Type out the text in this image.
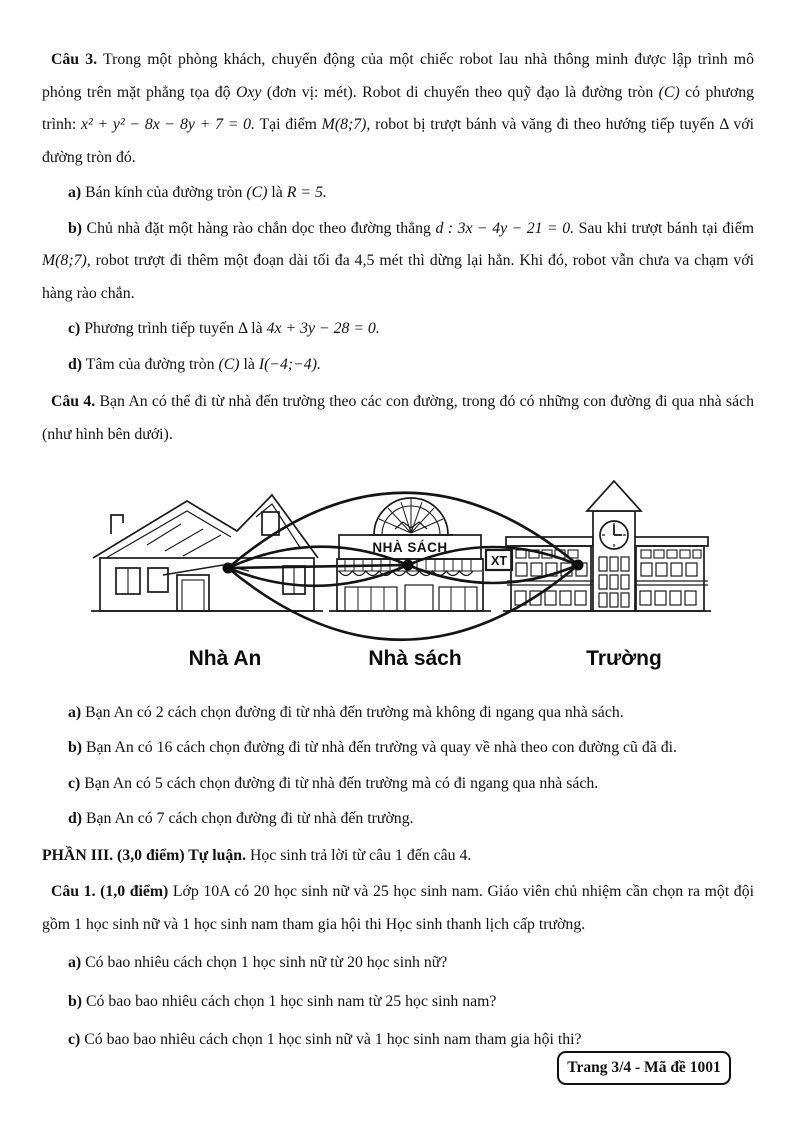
Câu 3. Trong một phòng khách, chuyển động của một chiếc robot lau nhà thông minh được lập trình mô phỏng trên mặt phẳng tọa độ Oxy (đơn vị: mét). Robot di chuyển theo quỹ đạo là đường tròn (C) có phương trình: x² + y² − 8x − 8y + 7 = 0. Tại điểm M(8;7), robot bị trượt bánh và văng đi theo hướng tiếp tuyến Δ với đường tròn đó.

a) Bán kính của đường tròn (C) là R = 5.

b) Chủ nhà đặt một hàng rào chắn dọc theo đường thẳng d : 3x − 4y − 21 = 0. Sau khi trượt bánh tại điểm M(8;7), robot trượt đi thêm một đoạn dài tối đa 4,5 mét thì dừng lại hẳn. Khi đó, robot vẫn chưa va chạm với hàng rào chắn.

c) Phương trình tiếp tuyến Δ là 4x + 3y − 28 = 0.

d) Tâm của đường tròn (C) là I(−4;−4).

Câu 4. Bạn An có thể đi từ nhà đến trường theo các con đường, trong đó có những con đường đi qua nhà sách (như hình bên dưới).

XT
NHÀ SÁCH
Nhà An	Nhà sách	Trường

a) Bạn An có 2 cách chọn đường đi từ nhà đến trường mà không đi ngang qua nhà sách.

b) Bạn An có 16 cách chọn đường đi từ nhà đến trường và quay về nhà theo con đường cũ đã đi.

c) Bạn An có 5 cách chọn đường đi từ nhà đến trường mà có đi ngang qua nhà sách.

d) Bạn An có 7 cách chọn đường đi từ nhà đến trường.

PHẦN III. (3,0 điểm) Tự luận. Học sinh trả lời từ câu 1 đến câu 4.

Câu 1. (1,0 điểm) Lớp 10A có 20 học sinh nữ và 25 học sinh nam. Giáo viên chủ nhiệm cần chọn ra một đội gồm 1 học sinh nữ và 1 học sinh nam tham gia hội thi Học sinh thanh lịch cấp trường.

a) Có bao nhiêu cách chọn 1 học sinh nữ từ 20 học sinh nữ?

b) Có bao bao nhiêu cách chọn 1 học sinh nam từ 25 học sinh nam?

c) Có bao bao nhiêu cách chọn 1 học sinh nữ và 1 học sinh nam tham gia hội thi?

Trang 3/4 - Mã đề 1001
